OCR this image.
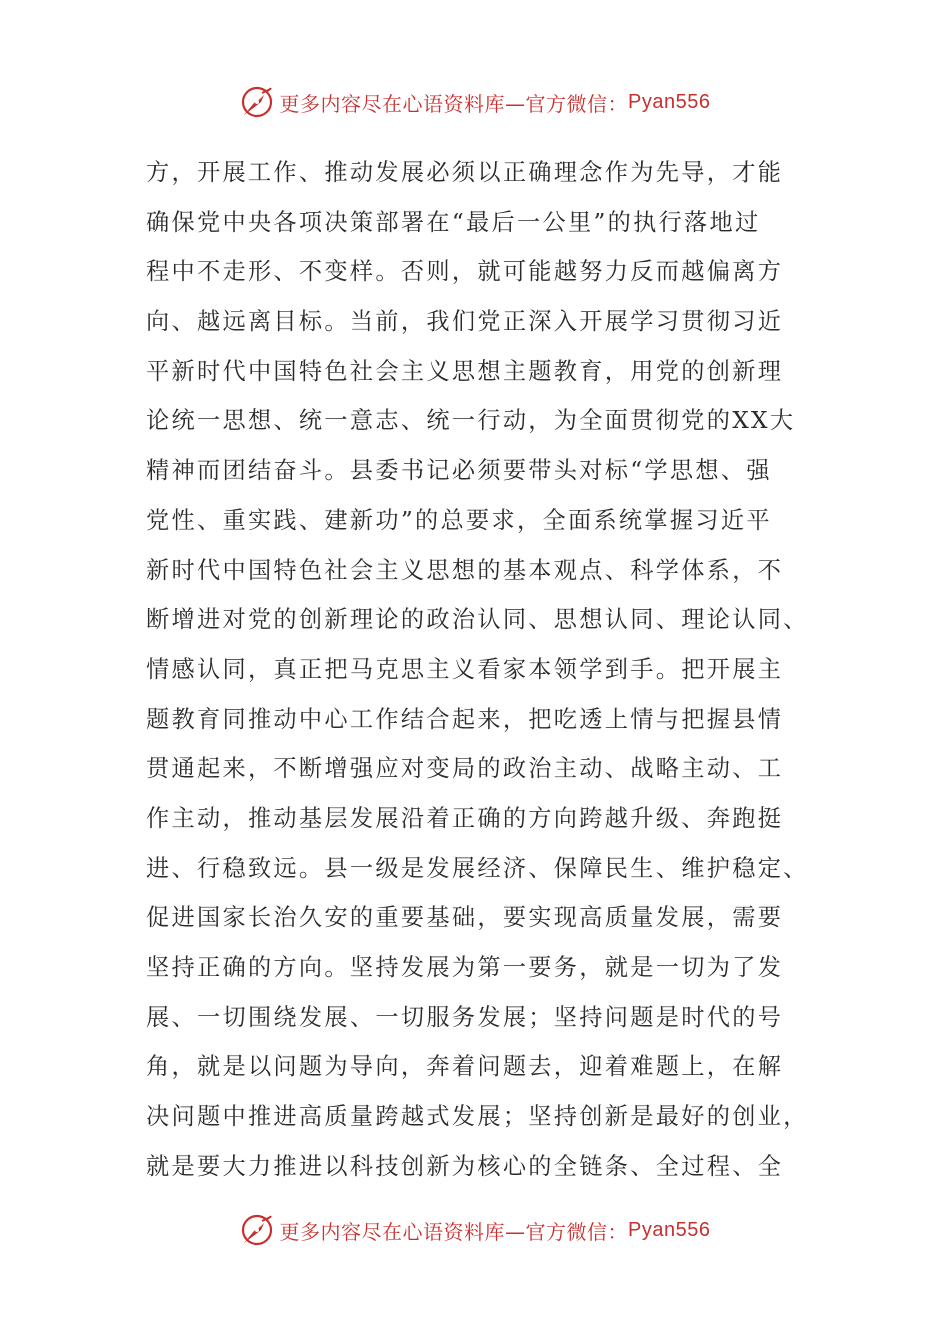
更多内容尽在心语资料库—官方微信： Pyan556
方，开展工作、推动发展必须以正确理念作为先导，才能
确保党中央各项决策部署在“最后一公里”的执行落地过
程中不走形、不变样。否则，就可能越努力反而越偏离方
向、越远离目标。当前，我们党正深入开展学习贯彻习近
平新时代中国特色社会主义思想主题教育，用党的创新理
论统一思想、统一意志、统一行动，为全面贯彻党的XX大
精神而团结奋斗。县委书记必须要带头对标“学思想、强
党性、重实践、建新功”的总要求，全面系统掌握习近平
新时代中国特色社会主义思想的基本观点、科学体系，不
断增进对党的创新理论的政治认同、思想认同、理论认同、
情感认同，真正把马克思主义看家本领学到手。把开展主
题教育同推动中心工作结合起来，把吃透上情与把握县情
贯通起来，不断增强应对变局的政治主动、战略主动、工
作主动，推动基层发展沿着正确的方向跨越升级、奔跑挺
进、行稳致远。县一级是发展经济、保障民生、维护稳定、
促进国家长治久安的重要基础，要实现高质量发展，需要
坚持正确的方向。坚持发展为第一要务，就是一切为了发
展、一切围绕发展、一切服务发展；坚持问题是时代的号
角，就是以问题为导向，奔着问题去，迎着难题上，在解
决问题中推进高质量跨越式发展；坚持创新是最好的创业，
就是要大力推进以科技创新为核心的全链条、全过程、全
更多内容尽在心语资料库—官方微信： Pyan556
